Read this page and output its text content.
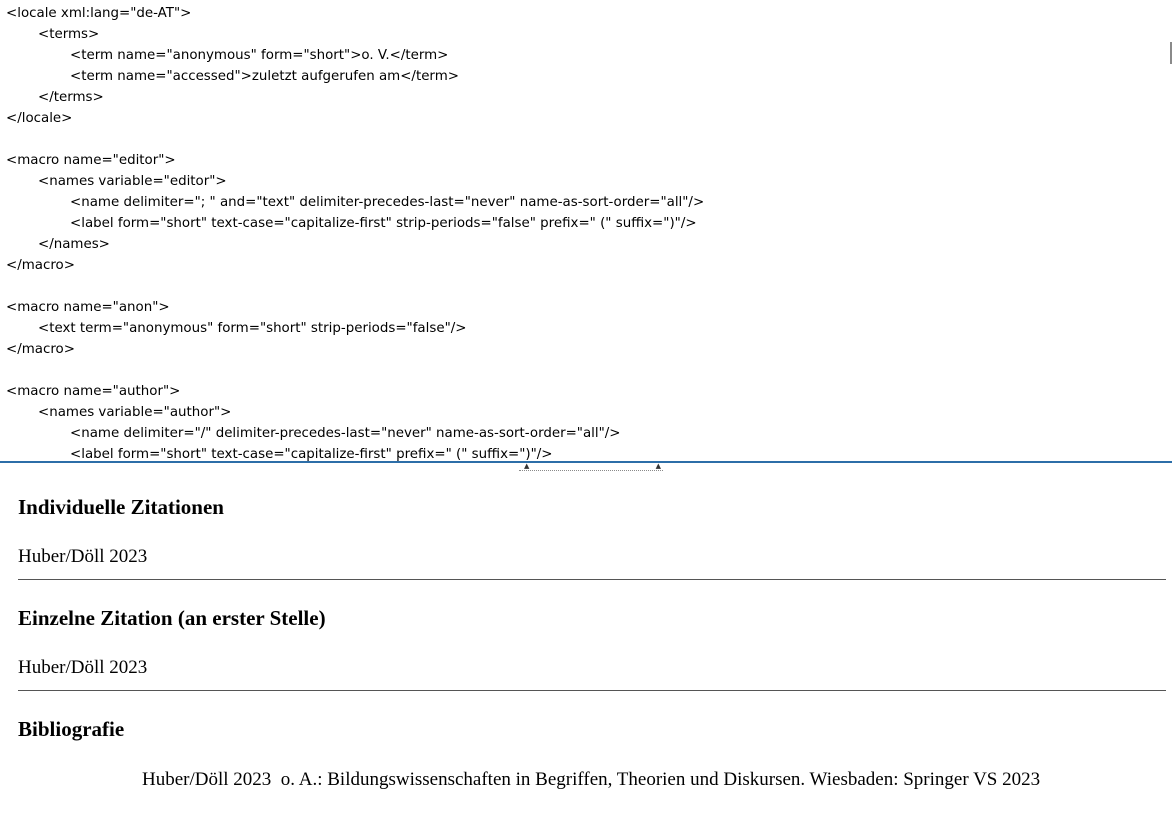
<locale xml:lang="de-AT">
<terms>
<term name="anonymous" form="short">o. V.</term>
<term name="accessed">zuletzt aufgerufen am</term>
</terms>
</locale>
<macro name="editor">
<names variable="editor">
<name delimiter="; " and="text" delimiter-precedes-last="never" name-as-sort-order="all"/>
<label form="short" text-case="capitalize-first" strip-periods="false" prefix=" (" suffix=")"/>
</names>
</macro>
<macro name="anon">
<text term="anonymous" form="short" strip-periods="false"/>
</macro>
<macro name="author">
<names variable="author">
<name delimiter="/" delimiter-precedes-last="never" name-as-sort-order="all"/>
<label form="short" text-case="capitalize-first" prefix=" (" suffix=")"/>
▲	▲
Individuelle Zitationen
Huber/Döll 2023
Einzelne Zitation (an erster Stelle)
Huber/Döll 2023
Bibliografie
Huber/Döll 2023  o. A.: Bildungswissenschaften in Begriffen, Theorien und Diskursen. Wiesbaden: Springer VS 2023
